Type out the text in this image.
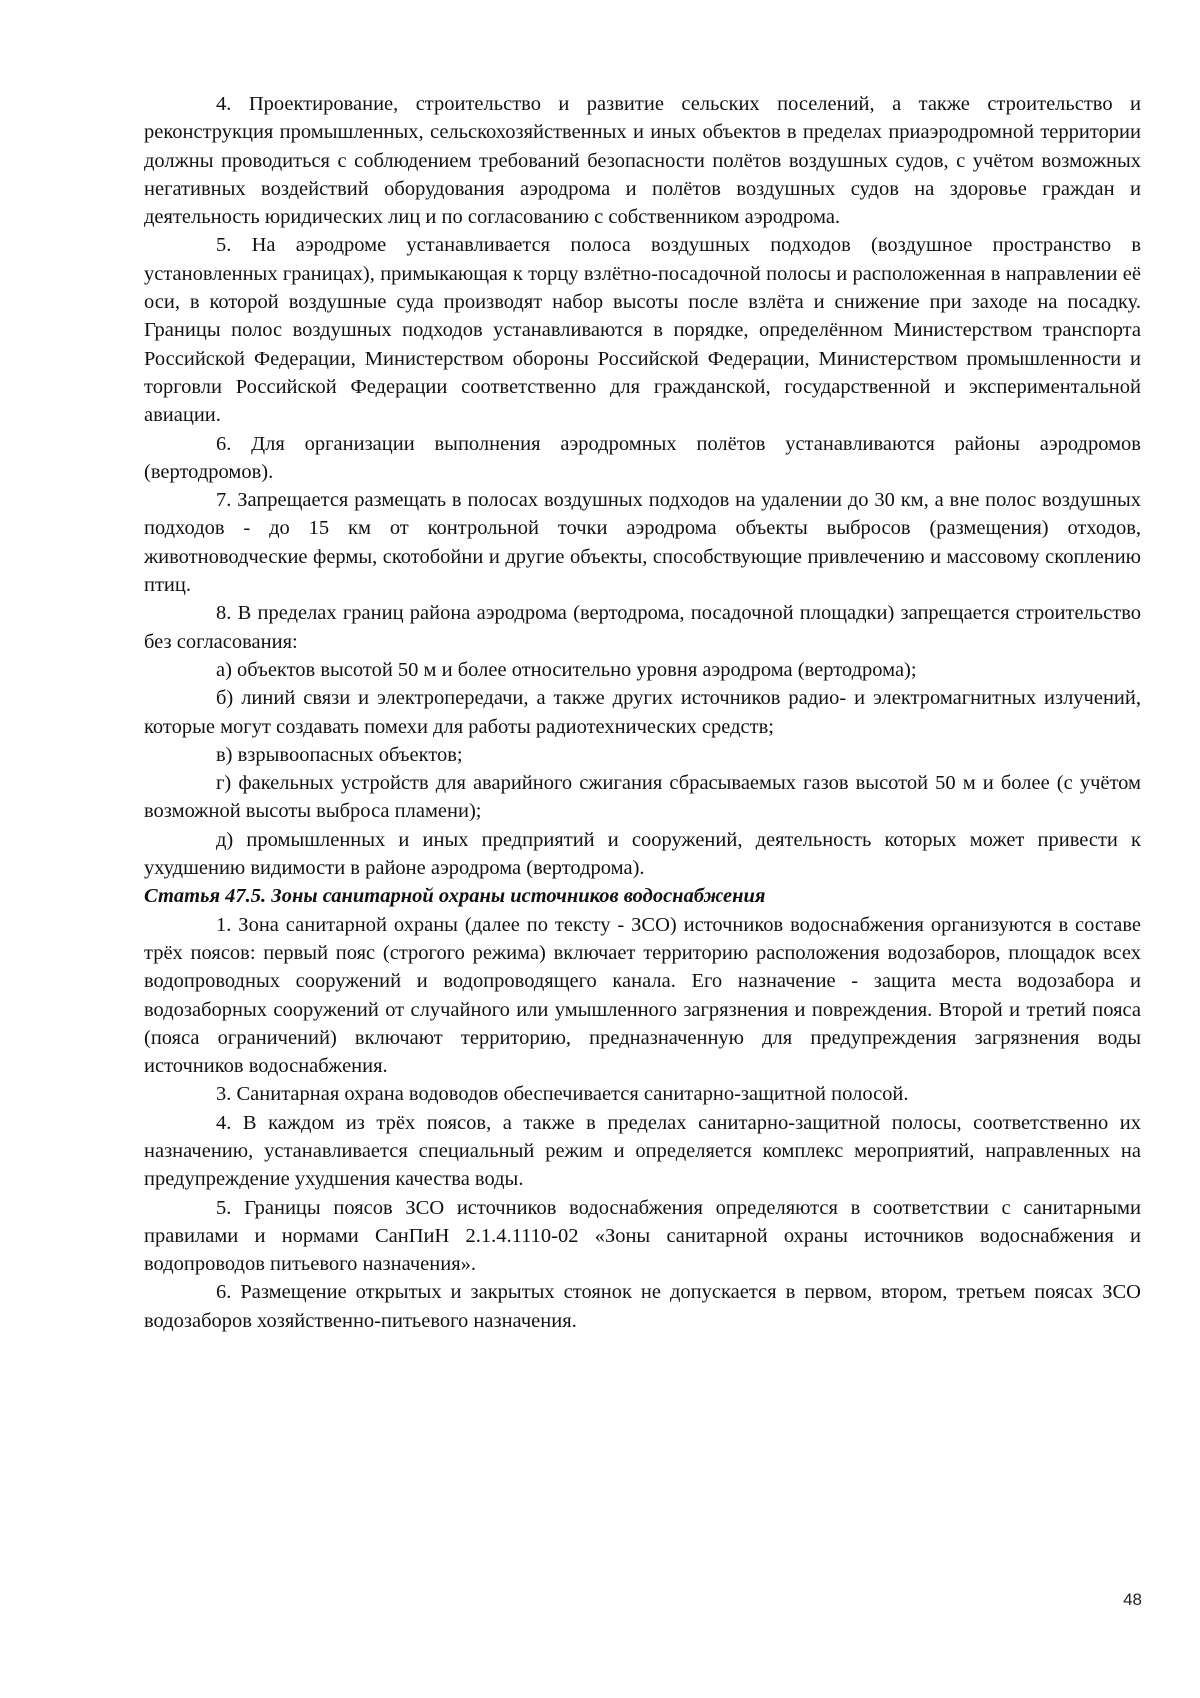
4. Проектирование, строительство и развитие сельских поселений, а также строительство и реконструкция промышленных, сельскохозяйственных и иных объектов в пределах приаэродромной территории должны проводиться с соблюдением требований безопасности полётов воздушных судов, с учётом возможных негативных воздействий оборудования аэродрома и полётов воздушных судов на здоровье граждан и деятельность юридических лиц и по согласованию с собственником аэродрома.

5. На аэродроме устанавливается полоса воздушных подходов (воздушное пространство в установленных границах), примыкающая к торцу взлётно-посадочной полосы и расположенная в направлении её оси, в которой воздушные суда производят набор высоты после взлёта и снижение при заходе на посадку. Границы полос воздушных подходов устанавливаются в порядке, определённом Министерством транспорта Российской Федерации, Министерством обороны Российской Федерации, Министерством промышленности и торговли Российской Федерации соответственно для гражданской, государственной и экспериментальной авиации.

6. Для организации выполнения аэродромных полётов устанавливаются районы аэродромов (вертодромов).

7. Запрещается размещать в полосах воздушных подходов на удалении до 30 км, а вне полос воздушных подходов - до 15 км от контрольной точки аэродрома объекты выбросов (размещения) отходов, животноводческие фермы, скотобойни и другие объекты, способствующие привлечению и массовому скоплению птиц.

8. В пределах границ района аэродрома (вертодрома, посадочной площадки) запрещается строительство без согласования:

а) объектов высотой 50 м и более относительно уровня аэродрома (вертодрома);

б) линий связи и электропередачи, а также других источников радио- и электромагнитных излучений, которые могут создавать помехи для работы радиотехнических средств;

в) взрывоопасных объектов;

г) факельных устройств для аварийного сжигания сбрасываемых газов высотой 50 м и более (с учётом возможной высоты выброса пламени);

д) промышленных и иных предприятий и сооружений, деятельность которых может привести к ухудшению видимости в районе аэродрома (вертодрома).

Статья 47.5. Зоны санитарной охраны источников водоснабжения

1. Зона санитарной охраны (далее по тексту - ЗСО) источников водоснабжения организуются в составе трёх поясов: первый пояс (строгого режима) включает территорию расположения водозаборов, площадок всех водопроводных сооружений и водопроводящего канала. Его назначение - защита места водозабора и водозаборных сооружений от случайного или умышленного загрязнения и повреждения. Второй и третий пояса (пояса ограничений) включают территорию, предназначенную для предупреждения загрязнения воды источников водоснабжения.

3. Санитарная охрана водоводов обеспечивается санитарно-защитной полосой.

4. В каждом из трёх поясов, а также в пределах санитарно-защитной полосы, соответственно их назначению, устанавливается специальный режим и определяется комплекс мероприятий, направленных на предупреждение ухудшения качества воды.

5. Границы поясов ЗСО источников водоснабжения определяются в соответствии с санитарными правилами и нормами СанПиН 2.1.4.1110-02 «Зоны санитарной охраны источников водоснабжения и водопроводов питьевого назначения».

6. Размещение открытых и закрытых стоянок не допускается в первом, втором, третьем поясах ЗСО водозаборов хозяйственно-питьевого назначения.

48
